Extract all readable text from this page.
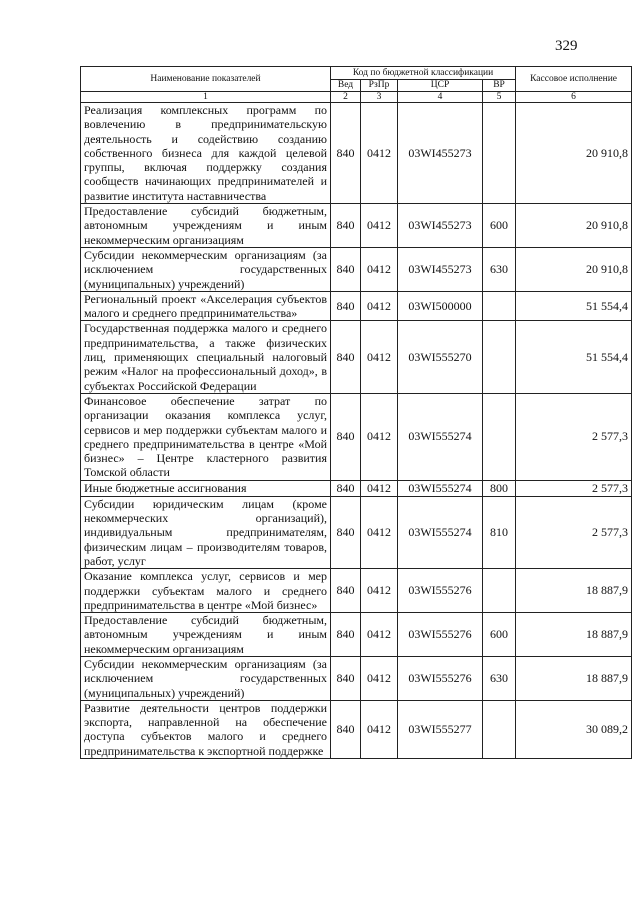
329
Наименование показателей	Код по бюджетной классификации				Кассовое исполнение
	Вед	РзПр	ЦСР	ВР	
1	2	3	4	5	6
Реализация комплексных программ по вовлечению в предпринимательскую деятельность и содействию созданию собственного бизнеса для каждой целевой группы, включая поддержку создания сообществ начинающих предпринимателей и развитие института наставничества	840	0412	03WI455273		20 910,8
Предоставление субсидий бюджетным, автономным учреждениям и иным некоммерческим организациям	840	0412	03WI455273	600	20 910,8
Субсидии некоммерческим организациям (за исключением государственных (муниципальных) учреждений)	840	0412	03WI455273	630	20 910,8
Региональный проект «Акселерация субъектов малого и среднего предпринимательства»	840	0412	03WI500000		51 554,4
Государственная поддержка малого и среднего предпринимательства, а также физических лиц, применяющих специальный налоговый режим «Налог на профессиональный доход», в субъектах Российской Федерации	840	0412	03WI555270		51 554,4
Финансовое обеспечение затрат по организации оказания комплекса услуг, сервисов и мер поддержки субъектам малого и среднего предпринимательства в центре «Мой бизнес» – Центре кластерного развития Томской области	840	0412	03WI555274		2 577,3
Иные бюджетные ассигнования	840	0412	03WI555274	800	2 577,3
Субсидии юридическим лицам (кроме некоммерческих организаций), индивидуальным предпринимателям, физическим лицам – производителям товаров, работ, услуг	840	0412	03WI555274	810	2 577,3
Оказание комплекса услуг, сервисов и мер поддержки субъектам малого и среднего предпринимательства в центре «Мой бизнес»	840	0412	03WI555276		18 887,9
Предоставление субсидий бюджетным, автономным учреждениям и иным некоммерческим организациям	840	0412	03WI555276	600	18 887,9
Субсидии некоммерческим организациям (за исключением государственных (муниципальных) учреждений)	840	0412	03WI555276	630	18 887,9
Развитие деятельности центров поддержки экспорта, направленной на обеспечение доступа субъектов малого и среднего предпринимательства к экспортной поддержке	840	0412	03WI555277		30 089,2
